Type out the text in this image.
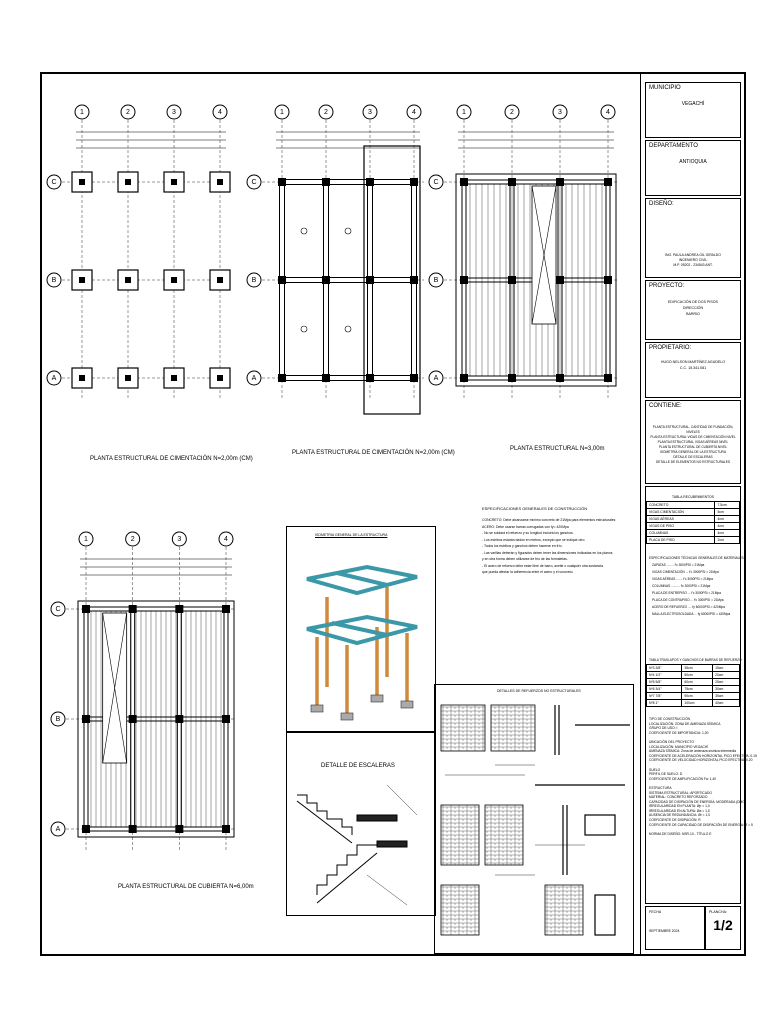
1	2	3	4
C
B
A
1	2	3	4
C
B
A
1	2	3	4
C
B
A
1	2	3	4
C
B
A
PLANTA ESTRUCTURAL DE CIMENTACIÓN N=2,00m (CM)
PLANTA ESTRUCTURAL DE CIMENTACIÓN N=2,00m (CM)
PLANTA ESTRUCTURAL N=3,00m
PLANTA ESTRUCTURAL DE CUBIERTA N=6,00m
ESPECIFICACIONES GENERALES DE CONSTRUCCIÓN
CONCRETO: Debe alcanzarse mínimo concreto de 21Mpa para elementos estructurales
ACERO: Debe usarse barras corrugadas con fy= 420Mpa
- No se soldará el refuerzo y su longitud incluirá los ganchos.
- Los estribos estarán dados en metros, excepto que se indique otro.
- Todos los estribos y ganchos deben hacerse en frío.
- Las varillas deberán y figurados deben tener las dimensiones indicadas en los planos
y en otra forma deben utilizarse de frío de las formaletas.
- El acero de refuerzo debe estar libre de barro, aceite o cualquier otra sustancia
que pueda afectar la adherencia entre el acero y el concreto.
ISOMETRIA GENERAL DE LA ESTRUCTURA
DETALLE DE ESCALERAS
DETALLES DE REFUERZOS NO ESTRUCTURALES
MUNICIPIO
VEGACHÍ
DEPARTAMENTO
ANTIOQUIA
DISEÑO:
ING. PAULA ANDREA GIL GIRALDO
INGENIERO CIVIL
M.P. 05202 - 234543 ANT.
PROYECTO:
EDIFICACIÓN DE DOS PISOS
DIRECCIÓN
BARRIO
PROPIETARIO:
HUGO NELSON MARTÍNEZ AGUDELO
C.C. 15.341.081
CONTIENE:
PLANTA ESTRUCTURAL, CANTIDAD DE FUNDACIÓN, NIVELES
PLANTA ESTRUCTURAL VIGAS DE CIMENTACIÓN NIVEL
PLANTA ESTRUCTURAL VIGAS AÉREAS NIVEL
PLANTA ESTRUCTURAL DE CUBIERTA NIVEL
ISOMETRÍA GENERAL DE LA ESTRUCTURA
DETALLE DE ESCALERAS
DETALLE DE ELEMENTOS NO ESTRUCTURALES
TABLA RECUBRIMIENTOS
CONCRETO	7.5cm
VIGAS CIMENTACIÓN	5cm
VIGAS AÉREAS	4cm
VIGAS DE PISO	4cm
COLUMNAS	4cm
PLACA DE PISO	2cm
ESPECIFICACIONES TÉCNICAS GENERALES DE MATERIALES
ZAPATAS ........ f'c 3000PSI = 21Mpa
VIGAS CIMENTACIÓN ... f'c 3000PSI = 21Mpa
VIGAS AÉREAS ....... f'c 3000PSI = 21Mpa
COLUMNAS .......... f'c 3000PSI = 21Mpa
PLACA DE ENTREPISO ... f'c 3000PSI = 21Mpa
PLACA DE CONTRAPISO ... f'c 3000PSI = 21Mpa
ACERO DE REFUERZO .... fy 60000PSI = 420Mpa
MALLA ELECTROSOLDADA ... fy 60000PSI = 420Mpa
TABLA TRASLAPOS Y GANCHOS DE BARRAS DE REFUERZO
Nº3 3/8"	35cm	15cm
Nº4 1/2"	50cm	20cm
Nº5 5/8"	60cm	25cm
Nº6 3/4"	75cm	30cm
Nº7 7/8"	90cm	35cm
Nº8 1"	100cm	40cm
TIPO DE CONSTRUCCIÓN
LOCALIZACIÓN: ZONA DE AMENAZA SÍSMICA
GRUPO DE USO: I
COEFICIENTE DE IMPORTANCIA: 1,00

UBICACIÓN DEL PROYECTO
LOCALIZACIÓN: MUNICIPIO VEGACHÍ
AMENAZA SÍSMICA: Zona de amenaza sísmica intermedia
COEFICIENTE DE ACELERACIÓN HORIZONTAL PICO EFECTIVA: 0.15
COEFICIENTE DE VELOCIDAD HORIZONTAL PICO EFECTIVA: 0.20

SUELO
PERFIL DE SUELO: D
COEFICIENTE DE AMPLIFICACIÓN Fa: 1.40

ESTRUCTURA
SISTEMA ESTRUCTURAL: APORTICADO
MATERIAL: CONCRETO REFORZADO
CAPACIDAD DE DISIPACIÓN DE ENERGÍA: MODERADA (DMO)
IRREGULARIDAD EN PLANTA: Øp = 1,0
IRREGULARIDAD EN ALTURA: Øa = 1,0
AUSENCIA DE REDUNDANCIA: Ør = 1,0
COEFICIENTE DE DISIPACIÓN: R
COEFICIENTE DE CAPACIDAD DE DISIPACIÓN DE ENERGÍA: R = 5

NORMA DE DISEÑO: NSR-10 - TÍTULO E
FECHA
SEPTIEMBRE 2024
PLANCHA:
1/2
